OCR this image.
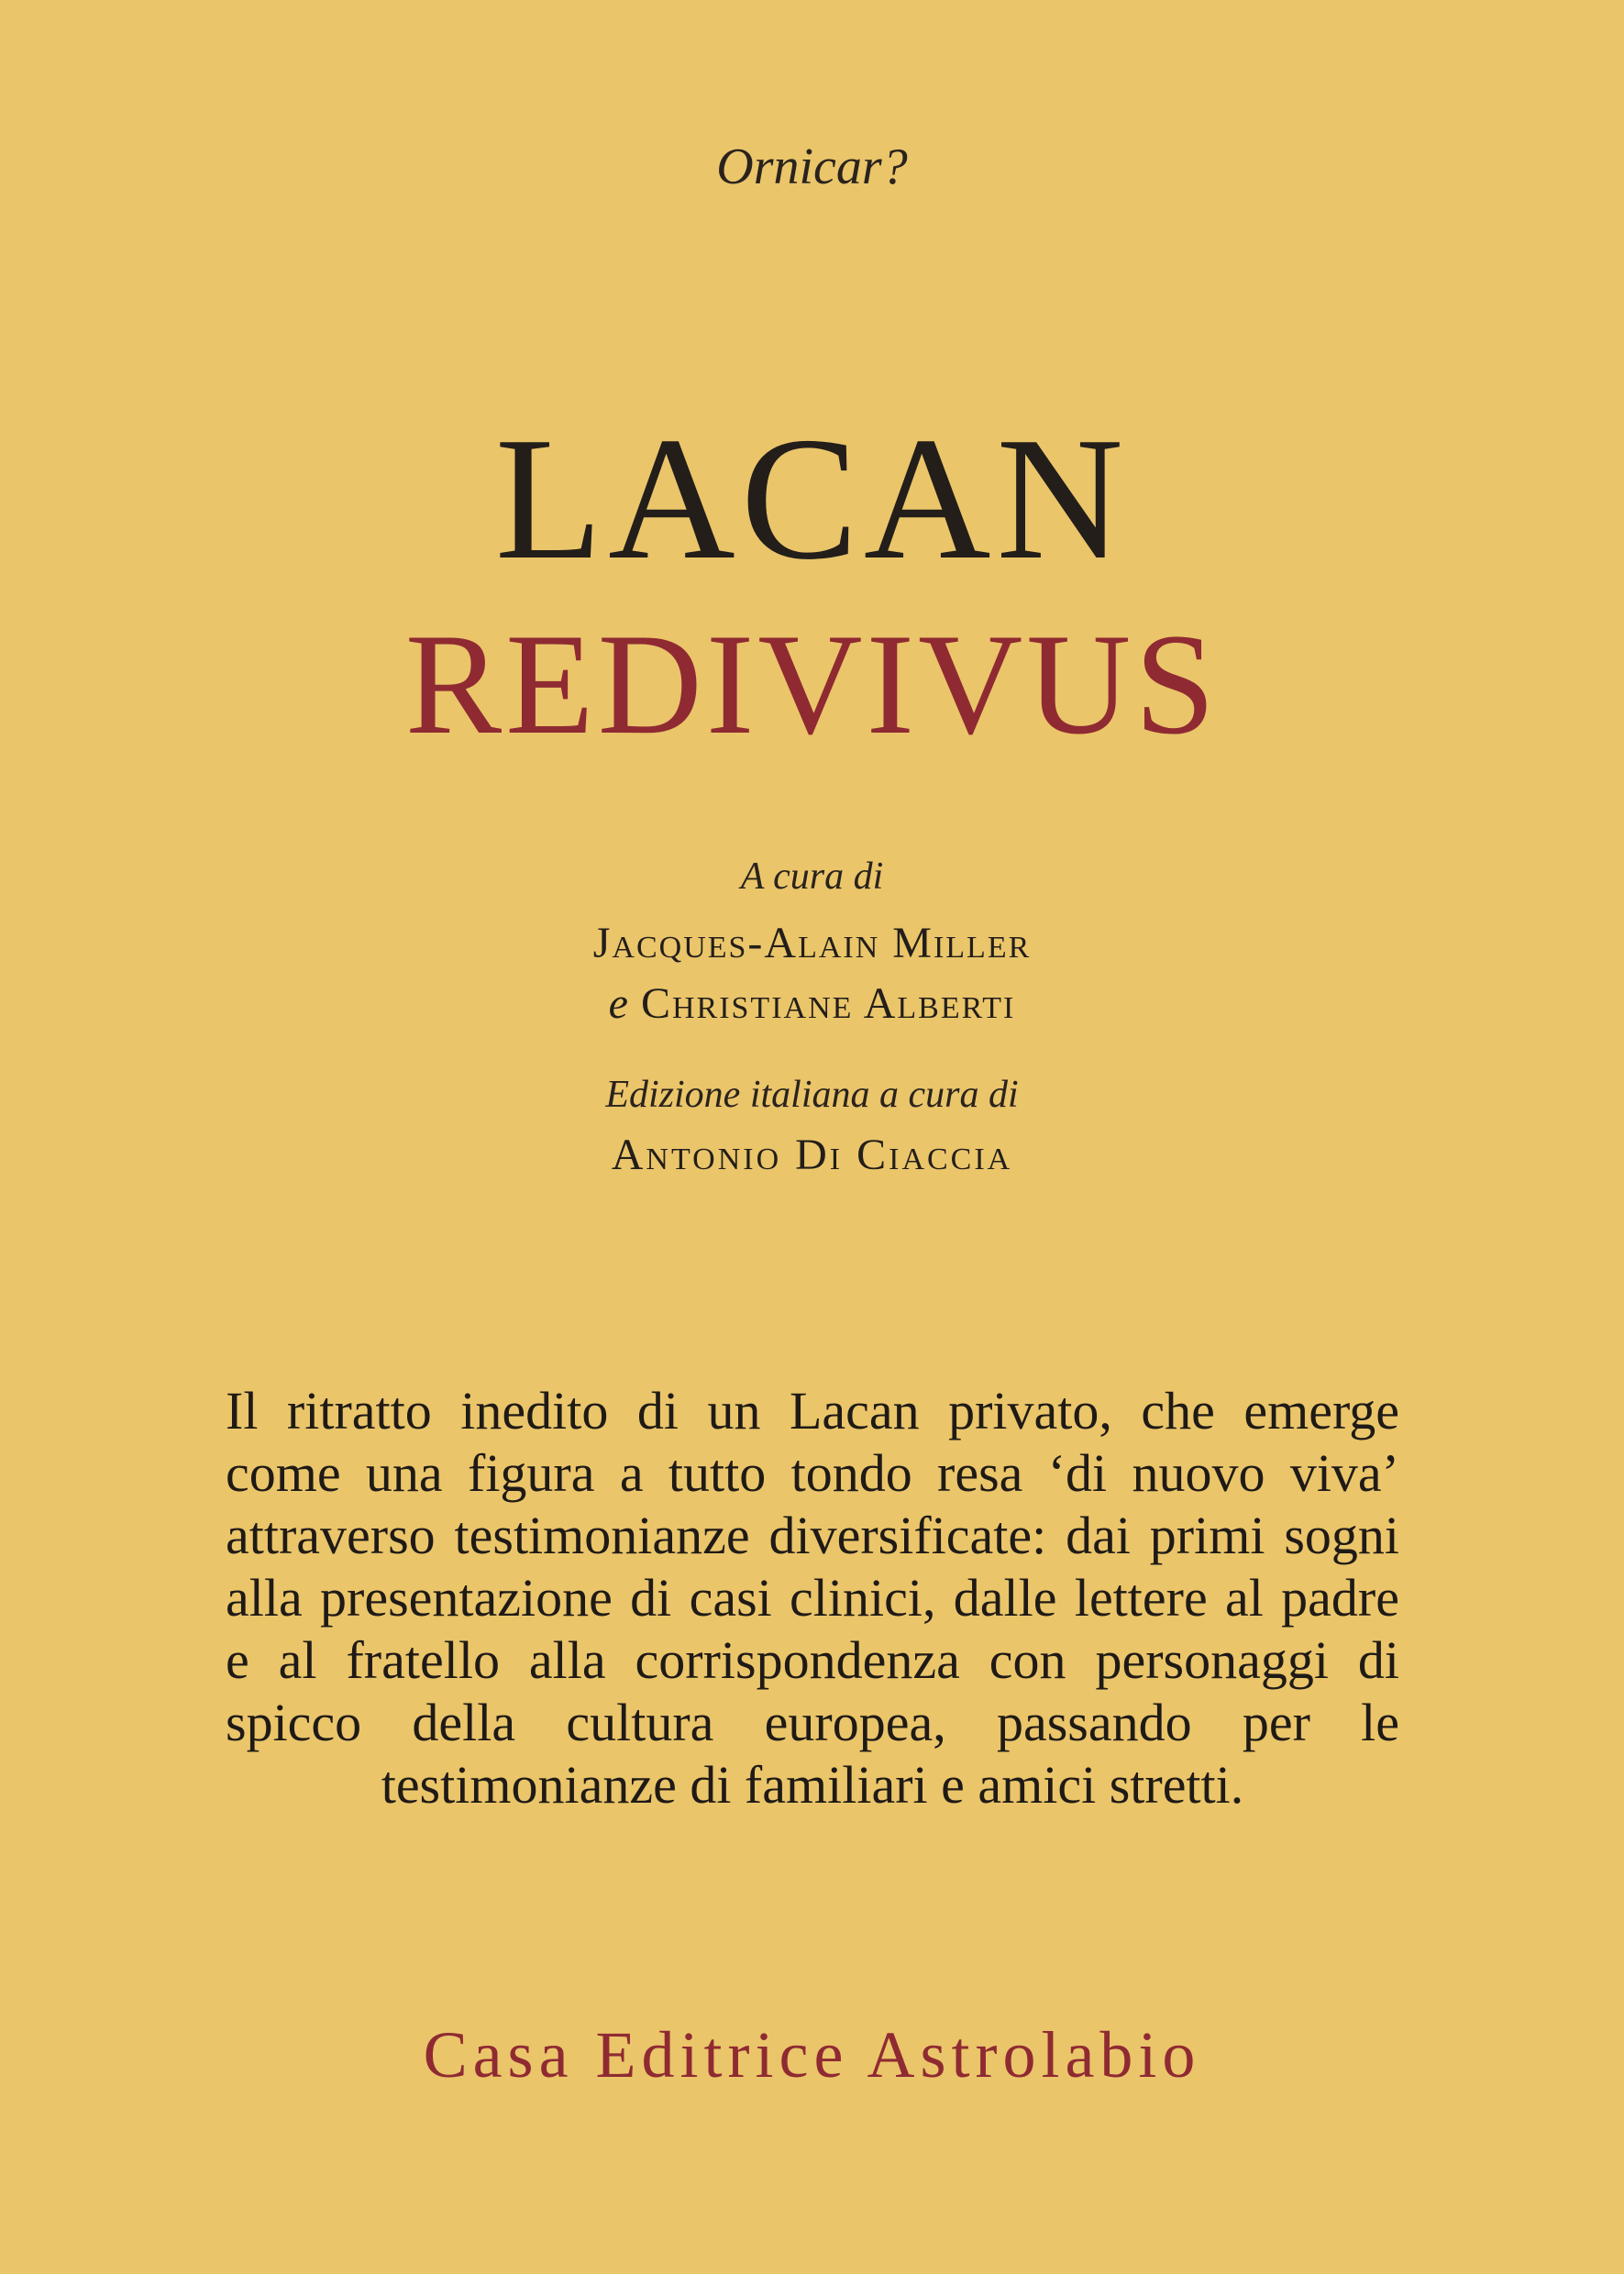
Ornicar?
LACAN
REDIVIVUS
A cura di
Jacques-Alain Miller
e Christiane Alberti
Edizione italiana a cura di
Antonio Di Ciaccia

Il ritratto inedito di un Lacan privato, che emerge come una figura a tutto tondo resa ‘di nuovo viva’ attraverso testimonianze diversificate: dai primi sogni alla presentazione di casi clinici, dalle lettere al padre e al fratello alla corrispondenza con personaggi di spicco della cultura europea, passando per le testimonianze di familiari e amici stretti.

Casa Editrice Astrolabio
